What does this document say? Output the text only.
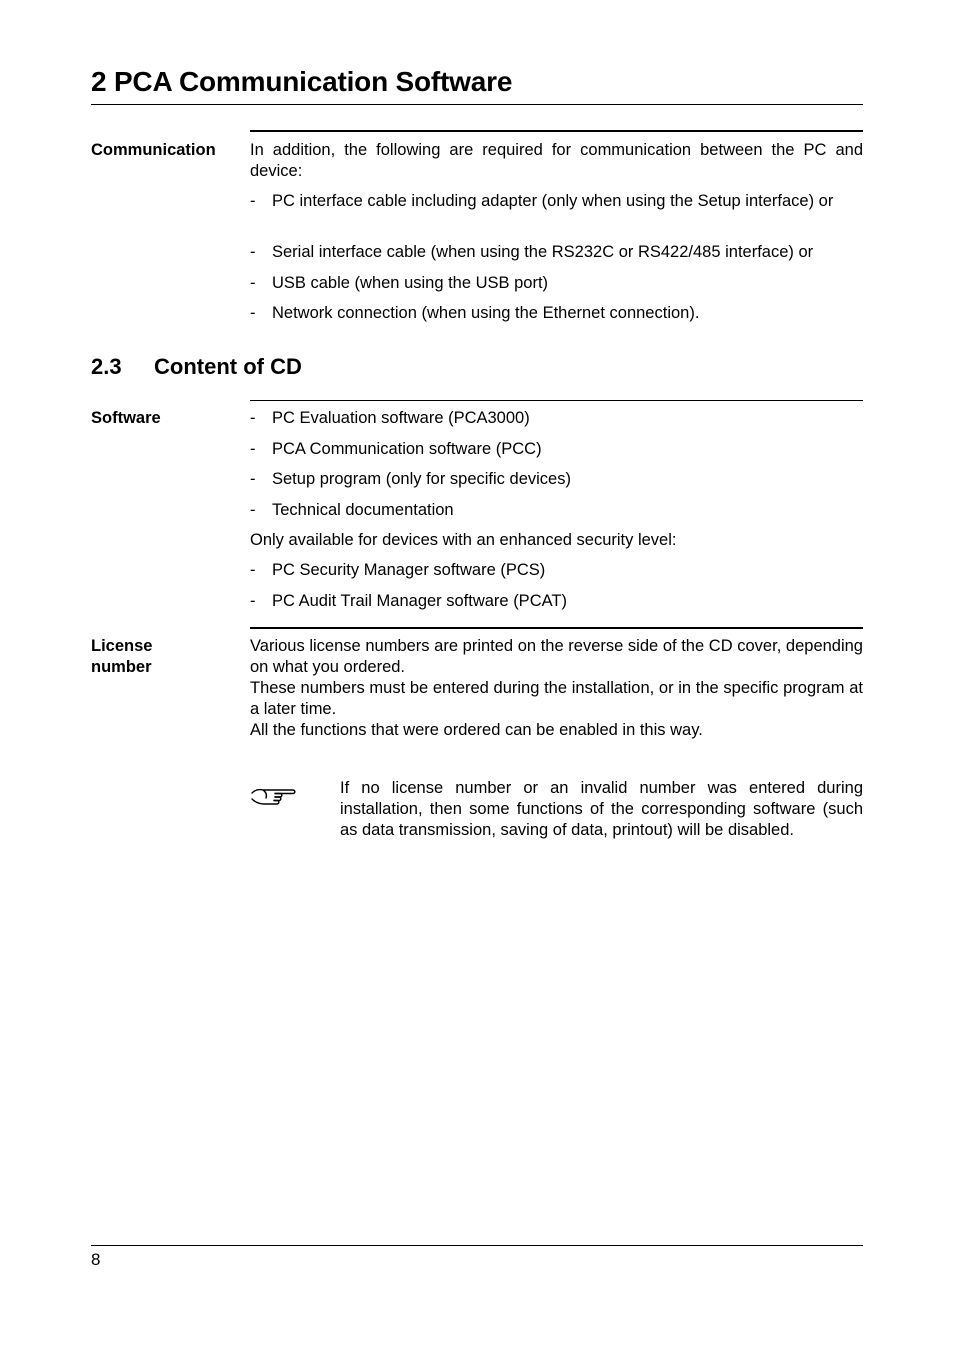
2 PCA Communication Software
Communication	In addition, the following are required for communication between the PC and device:
- PC interface cable including adapter (only when using the Setup interface) or
- Serial interface cable (when using the RS232C or RS422/485 interface) or
- USB cable (when using the USB port)
- Network connection (when using the Ethernet connection).
2.3 Content of CD
Software	- PC Evaluation software (PCA3000)
- PCA Communication software (PCC)
- Setup program (only for specific devices)
- Technical documentation
Only available for devices with an enhanced security level:
- PC Security Manager software (PCS)
- PC Audit Trail Manager software (PCAT)
License
number
Various license numbers are printed on the reverse side of the CD cover, depending on what you ordered.
These numbers must be entered during the installation, or in the specific program at a later time.
All the functions that were ordered can be enabled in this way.
If no license number or an invalid number was entered during installation, then some functions of the corresponding software (such as data transmission, saving of data, printout) will be disabled.
8
